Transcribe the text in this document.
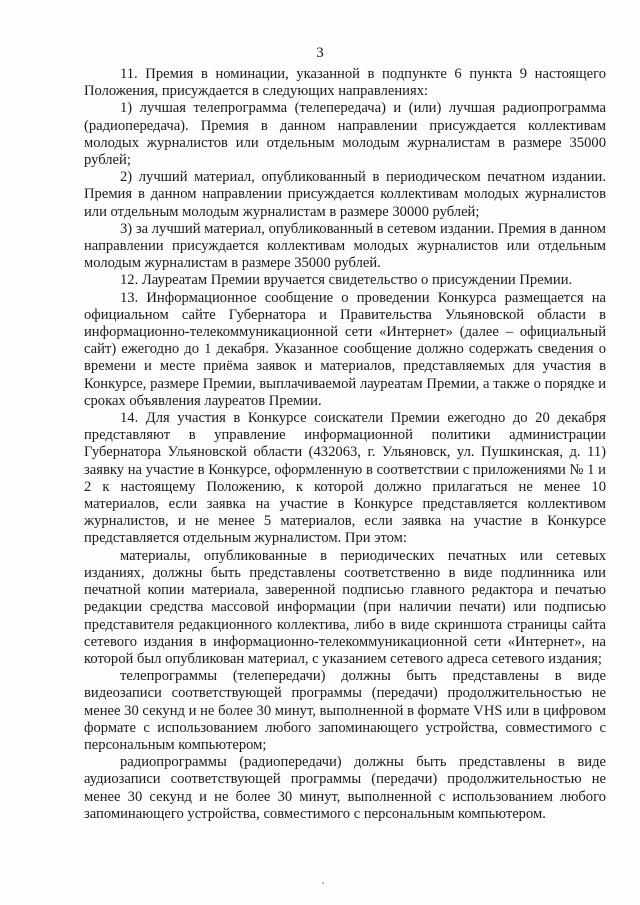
3

11. Премия в номинации, указанной в подпункте 6 пункта 9 настоящего Положения, присуждается в следующих направлениях:

1) лучшая телепрограмма (телепередача) и (или) лучшая радиопрограмма (радиопередача). Премия в данном направлении присуждается коллективам молодых журналистов или отдельным молодым журналистам в размере 35000 рублей;

2) лучший материал, опубликованный в периодическом печатном издании. Премия в данном направлении присуждается коллективам молодых журналистов или отдельным молодым журналистам в размере 30000 рублей;

3) за лучший материал, опубликованный в сетевом издании. Премия в данном направлении присуждается коллективам молодых журналистов или отдельным молодым журналистам в размере 35000 рублей.

12. Лауреатам Премии вручается свидетельство о присуждении Премии.

13. Информационное сообщение о проведении Конкурса размещается на официальном сайте Губернатора и Правительства Ульяновской области в информационно-телекоммуникационной сети «Интернет» (далее – официальный сайт) ежегодно до 1 декабря. Указанное сообщение должно содержать сведения о времени и месте приёма заявок и материалов, представляемых для участия в Конкурсе, размере Премии, выплачиваемой лауреатам Премии, а также о порядке и сроках объявления лауреатов Премии.

14. Для участия в Конкурсе соискатели Премии ежегодно до 20 декабря представляют в управление информационной политики администрации Губернатора Ульяновской области (432063, г. Ульяновск, ул. Пушкинская, д. 11) заявку на участие в Конкурсе, оформленную в соответствии с приложениями № 1 и 2 к настоящему Положению, к которой должно прилагаться не менее 10 материалов, если заявка на участие в Конкурсе представляется коллективом журналистов, и не менее 5 материалов, если заявка на участие в Конкурсе представляется отдельным журналистом. При этом:

материалы, опубликованные в периодических печатных или сетевых изданиях, должны быть представлены соответственно в виде подлинника или печатной копии материала, заверенной подписью главного редактора и печатью редакции средства массовой информации (при наличии печати) или подписью представителя редакционного коллектива, либо в виде скриншота страницы сайта сетевого издания в информационно-телекоммуникационной сети «Интернет», на которой был опубликован материал, с указанием сетевого адреса сетевого издания;

телепрограммы (телепередачи) должны быть представлены в виде видеозаписи соответствующей программы (передачи) продолжительностью не менее 30 секунд и не более 30 минут, выполненной в формате VHS или в цифровом формате с использованием любого запоминающего устройства, совместимого с персональным компьютером;

радиопрограммы (радиопередачи) должны быть представлены в виде аудиозаписи соответствующей программы (передачи) продолжительностью не менее 30 секунд и не более 30 минут, выполненной с использованием любого запоминающего устройства, совместимого с персональным компьютером.
